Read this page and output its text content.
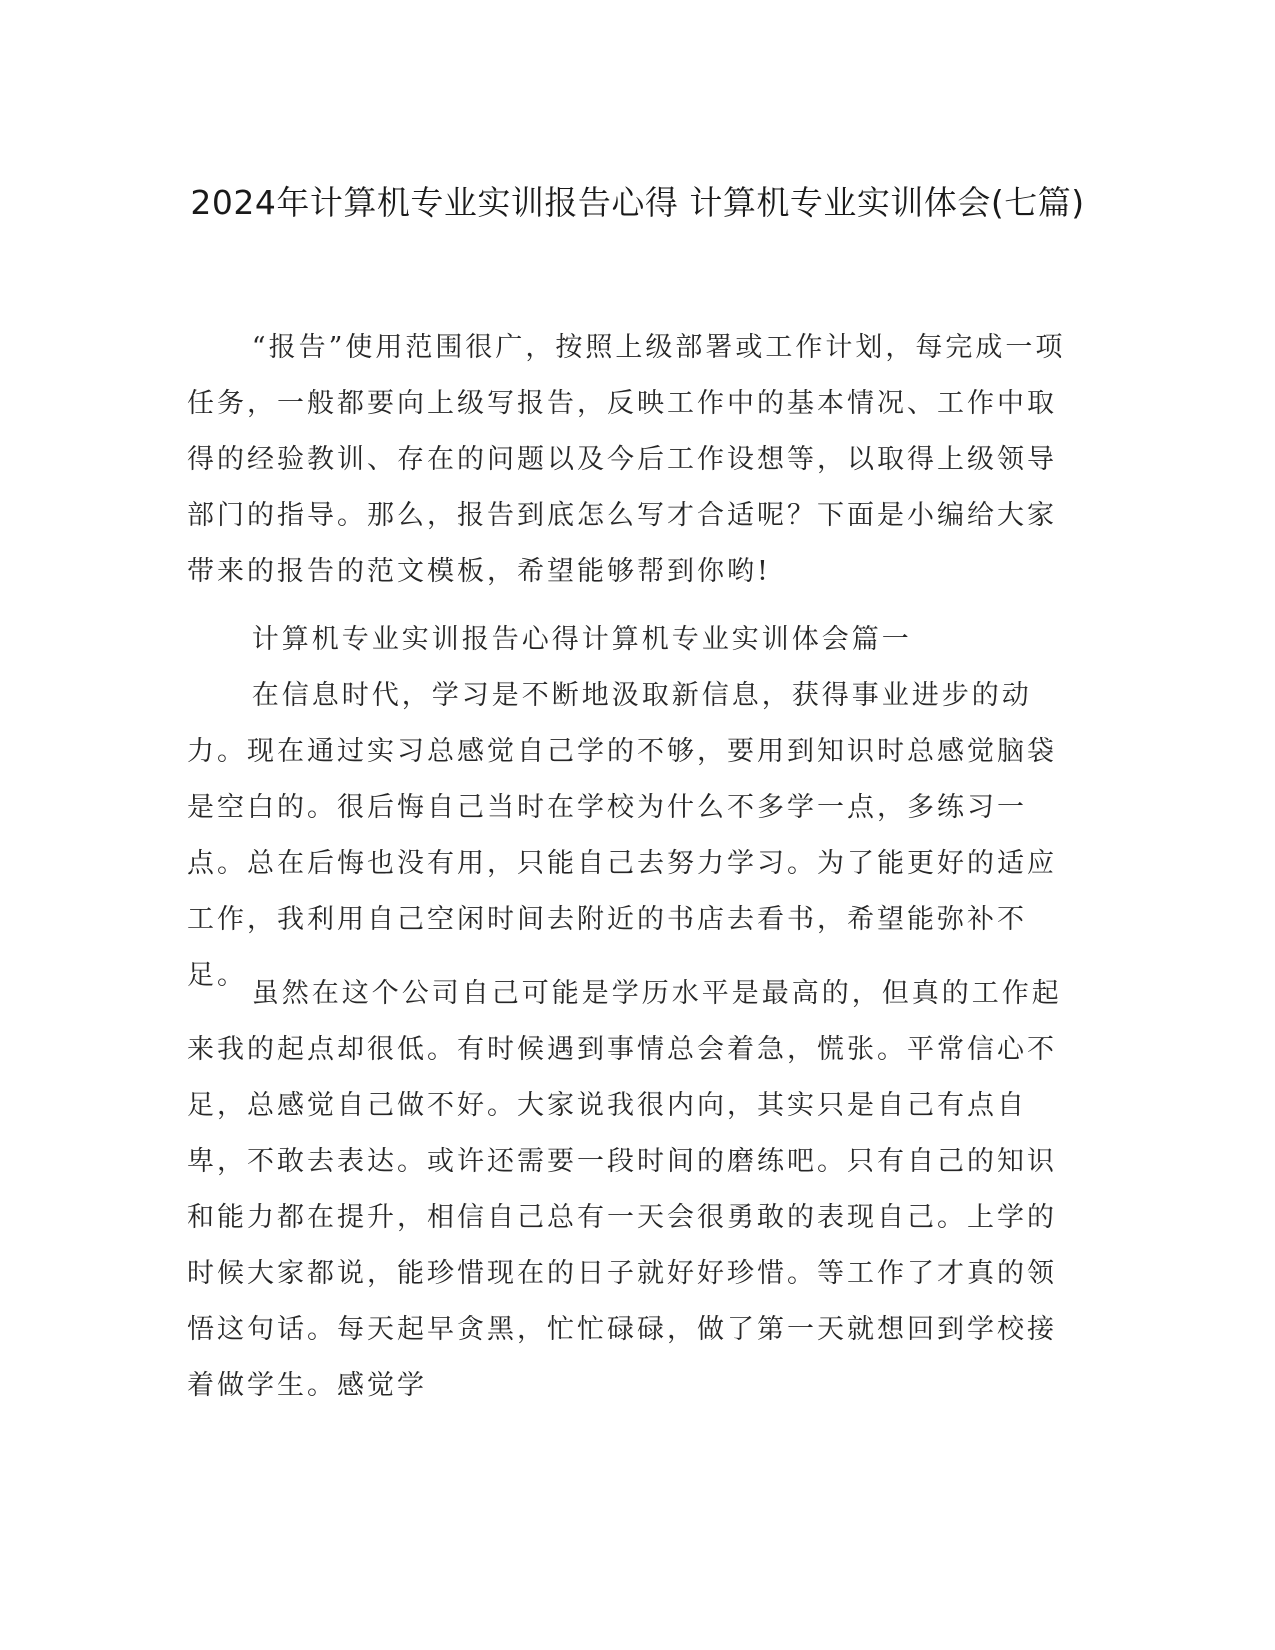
2024年计算机专业实训报告心得 计算机专业实训体会(七篇)

“报告”使用范围很广，按照上级部署或工作计划，每完成一项任务，一般都要向上级写报告，反映工作中的基本情况、工作中取得的经验教训、存在的问题以及今后工作设想等，以取得上级领导部门的指导。那么，报告到底怎么写才合适呢？下面是小编给大家带来的报告的范文模板，希望能够帮到你哟!

计算机专业实训报告心得计算机专业实训体会篇一

在信息时代，学习是不断地汲取新信息，获得事业进步的动力。现在通过实习总感觉自己学的不够，要用到知识时总感觉脑袋是空白的。很后悔自己当时在学校为什么不多学一点，多练习一点。总在后悔也没有用，只能自己去努力学习。为了能更好的适应工作，我利用自己空闲时间去附近的书店去看书，希望能弥补不足。

虽然在这个公司自己可能是学历水平是最高的，但真的工作起来我的起点却很低。有时候遇到事情总会着急，慌张。平常信心不足，总感觉自己做不好。大家说我很内向，其实只是自己有点自卑，不敢去表达。或许还需要一段时间的磨练吧。只有自己的知识和能力都在提升，相信自己总有一天会很勇敢的表现自己。上学的时候大家都说，能珍惜现在的日子就好好珍惜。等工作了才真的领悟这句话。每天起早贪黑，忙忙碌碌，做了第一天就想回到学校接着做学生。感觉学
